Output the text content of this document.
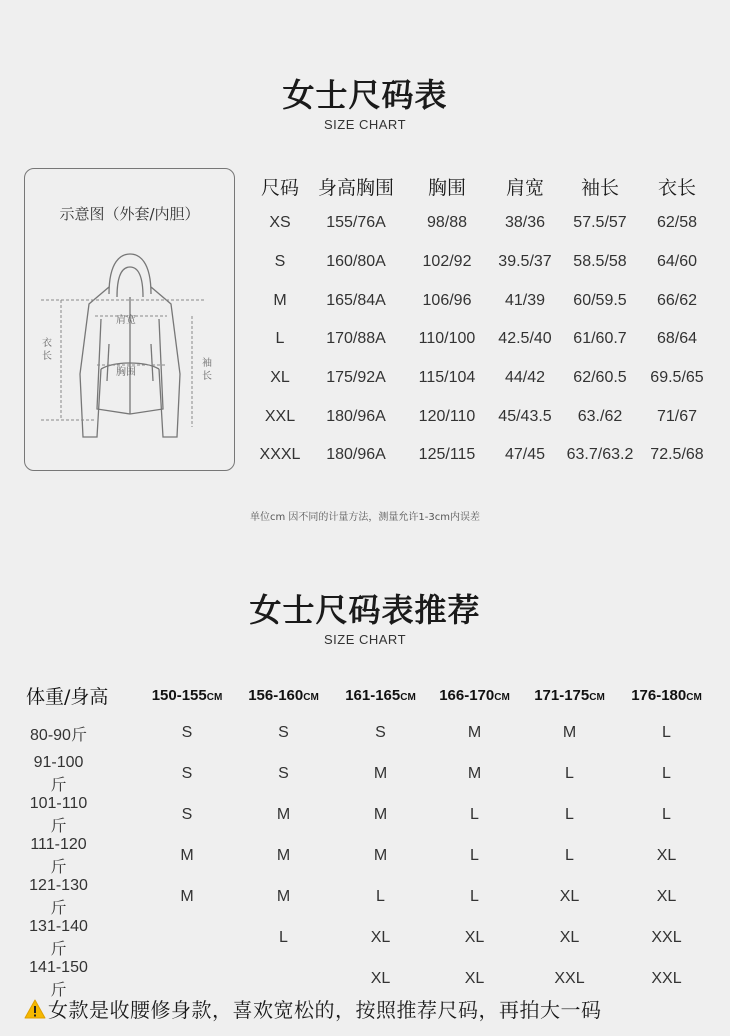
女士尺码表
SIZE CHART
衣长
肩宽
胸围
袖长
示意图（外套/内胆）
尺码	身高胸围	胸围	肩宽	袖长	衣长
XS	155/76A	98/88	38/36	57.5/57	62/58
S	160/80A	102/92	39.5/37	58.5/58	64/60
M	165/84A	106/96	41/39	60/59.5	66/62
L	170/88A	110/100	42.5/40	61/60.7	68/64
XL	175/92A	115/104	44/42	62/60.5	69.5/65
XXL	180/96A	120/110	45/43.5	63./62	71/67
XXXL	180/96A	125/115	47/45	63.7/63.2	72.5/68
单位cm 因不同的计量方法，测量允许1-3cm内误差
女士尺码表推荐
SIZE CHART
体重/身高	150-155CM	156-160CM	161-165CM	166-170CM	171-175CM	176-180CM
80-90斤	S	S	S	M	M	L
91-100斤	S	S	M	M	L	L
101-110斤	S	M	M	L	L	L
111-120斤	M	M	M	L	L	XL
121-130斤	M	M	L	L	XL	XL
131-140斤		L	XL	XL	XL	XXL
141-150斤			XL	XL	XXL	XXL
女款是收腰修身款，喜欢宽松的，按照推荐尺码，再拍大一码
